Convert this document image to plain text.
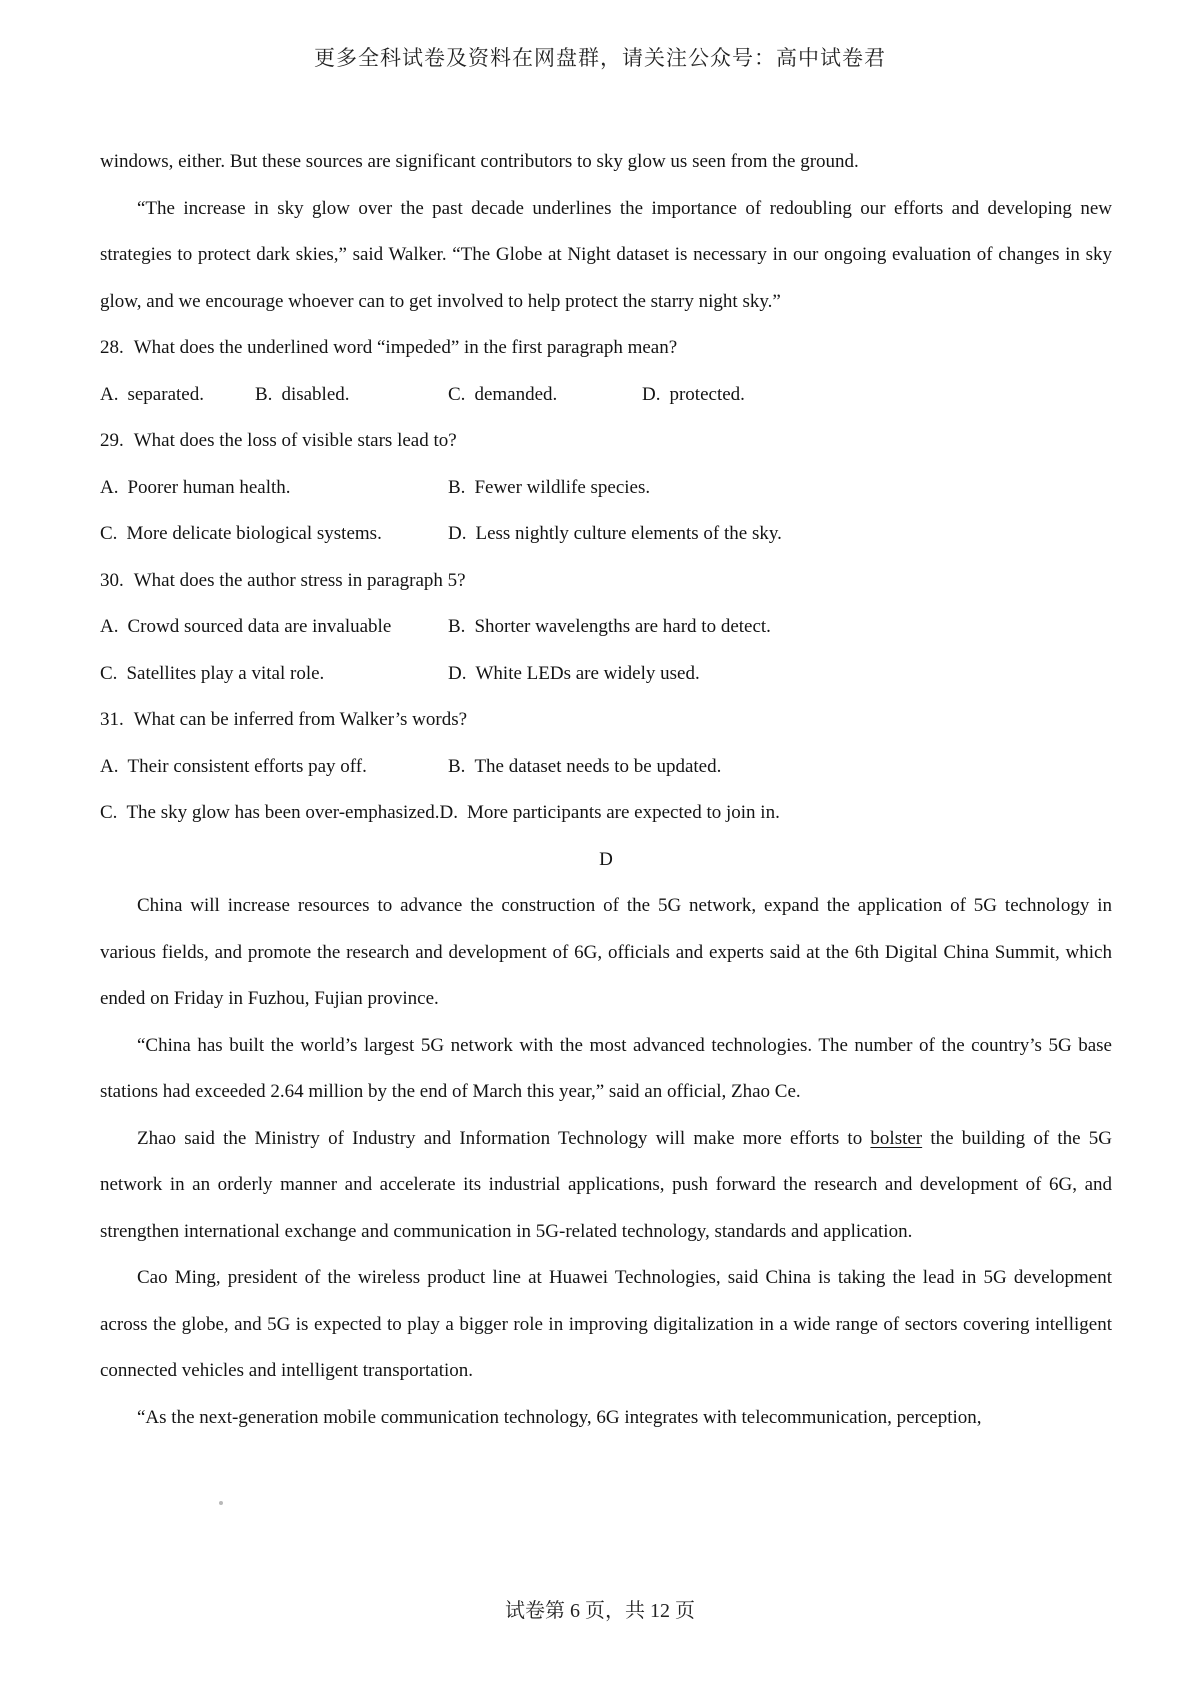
更多全科试卷及资料在网盘群，请关注公众号：高中试卷君

windows, either. But these sources are significant contributors to sky glow us seen from the ground.

“The increase in sky glow over the past decade underlines the importance of redoubling our efforts and developing new strategies to protect dark skies,” said Walker. “The Globe at Night dataset is necessary in our ongoing evaluation of changes in sky glow, and we encourage whoever can to get involved to help protect the starry night sky.”

28. What does the underlined word “impeded” in the first paragraph mean?
A. separated.	B. disabled.	C. demanded.	D. protected.
29. What does the loss of visible stars lead to?
A. Poorer human health.	B. Fewer wildlife species.
C. More delicate biological systems.	D. Less nightly culture elements of the sky.
30. What does the author stress in paragraph 5?
A. Crowd sourced data are invaluable	B. Shorter wavelengths are hard to detect.
C. Satellites play a vital role.	D. White LEDs are widely used.
31. What can be inferred from Walker’s words?
A. Their consistent efforts pay off.	B. The dataset needs to be updated.
C. The sky glow has been over-emphasized.D. More participants are expected to join in.
D

China will increase resources to advance the construction of the 5G network, expand the application of 5G technology in various fields, and promote the research and development of 6G, officials and experts said at the 6th Digital China Summit, which ended on Friday in Fuzhou, Fujian province.

“China has built the world’s largest 5G network with the most advanced technologies. The number of the country’s 5G base stations had exceeded 2.64 million by the end of March this year,” said an official, Zhao Ce.

Zhao said the Ministry of Industry and Information Technology will make more efforts to bolster the building of the 5G network in an orderly manner and accelerate its industrial applications, push forward the research and development of 6G, and strengthen international exchange and communication in 5G-related technology, standards and application.

Cao Ming, president of the wireless product line at Huawei Technologies, said China is taking the lead in 5G development across the globe, and 5G is expected to play a bigger role in improving digitalization in a wide range of sectors covering intelligent connected vehicles and intelligent transportation.

“As the next-generation mobile communication technology, 6G integrates with telecommunication, perception,

试卷第 6 页，共 12 页
